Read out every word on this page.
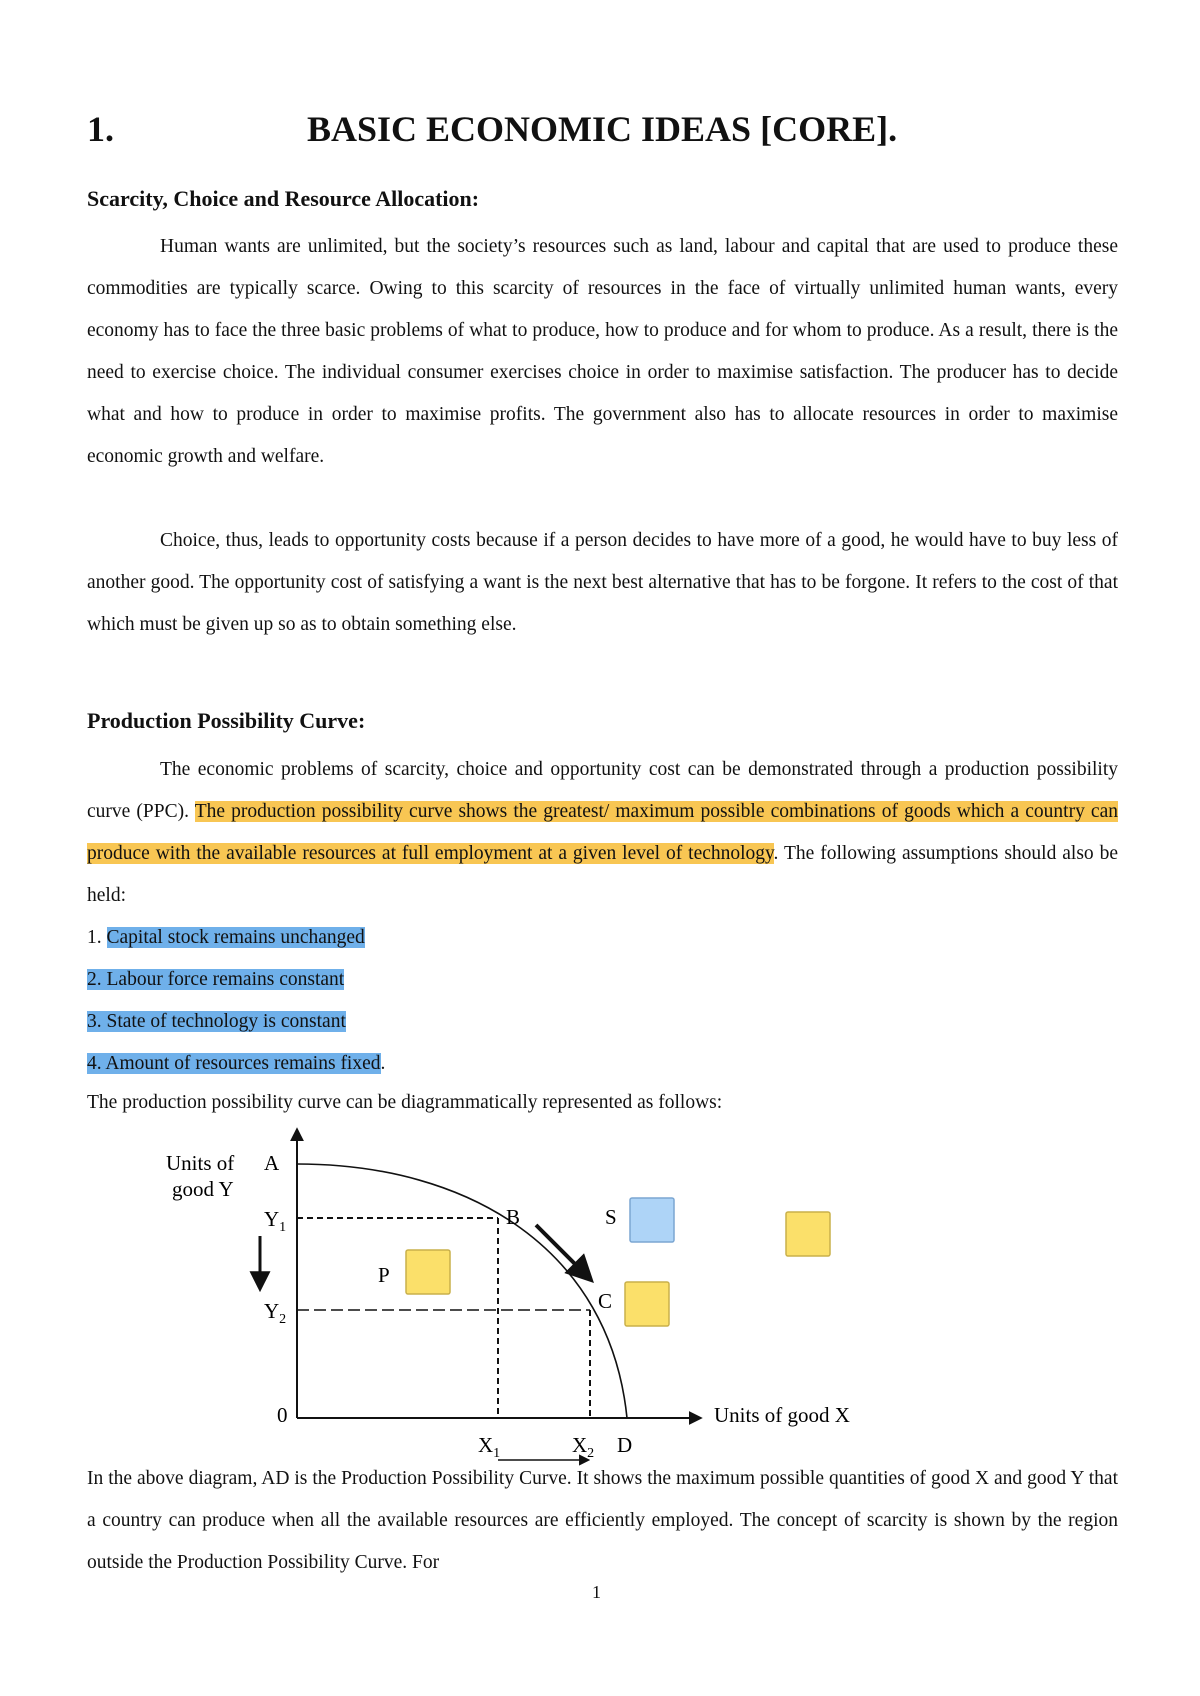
1.	BASIC ECONOMIC IDEAS [CORE].
Scarcity, Choice and Resource Allocation:

Human wants are unlimited, but the society’s resources such as land, labour and capital that are used to produce these commodities are typically scarce. Owing to this scarcity of resources in the face of virtually unlimited human wants, every economy has to face the three basic problems of what to produce, how to produce and for whom to produce. As a result, there is the need to exercise choice. The individual consumer exercises choice in order to maximise satisfaction. The producer has to decide what and how to produce in order to maximise profits. The government also has to allocate resources in order to maximise economic growth and welfare.

Choice, thus, leads to opportunity costs because if a person decides to have more of a good, he would have to buy less of another good. The opportunity cost of satisfying a want is the next best alternative that has to be forgone. It refers to the cost of that which must be given up so as to obtain something else.

Production Possibility Curve:

The economic problems of scarcity, choice and opportunity cost can be demonstrated through a production possibility curve (PPC). The production possibility curve shows the greatest/ maximum possible combinations of goods which a country can produce with the available resources at full employment at a given level of technology. The following assumptions should also be held:

1. Capital stock remains unchanged
2. Labour force remains constant
3. State of technology is constant
4. Amount of resources remains fixed.
The production possibility curve can be diagrammatically represented as follows:
Units of
good Y
A
B
C
D
P
S
0	Units of good X
$Y_1$
$Y_2$
$X_1$	$X_2$

In the above diagram, AD is the Production Possibility Curve. It shows the maximum possible quantities of good X and good Y that a country can produce when all the available resources are efficiently employed. The concept of scarcity is shown by the region outside the Production Possibility Curve. For

1
